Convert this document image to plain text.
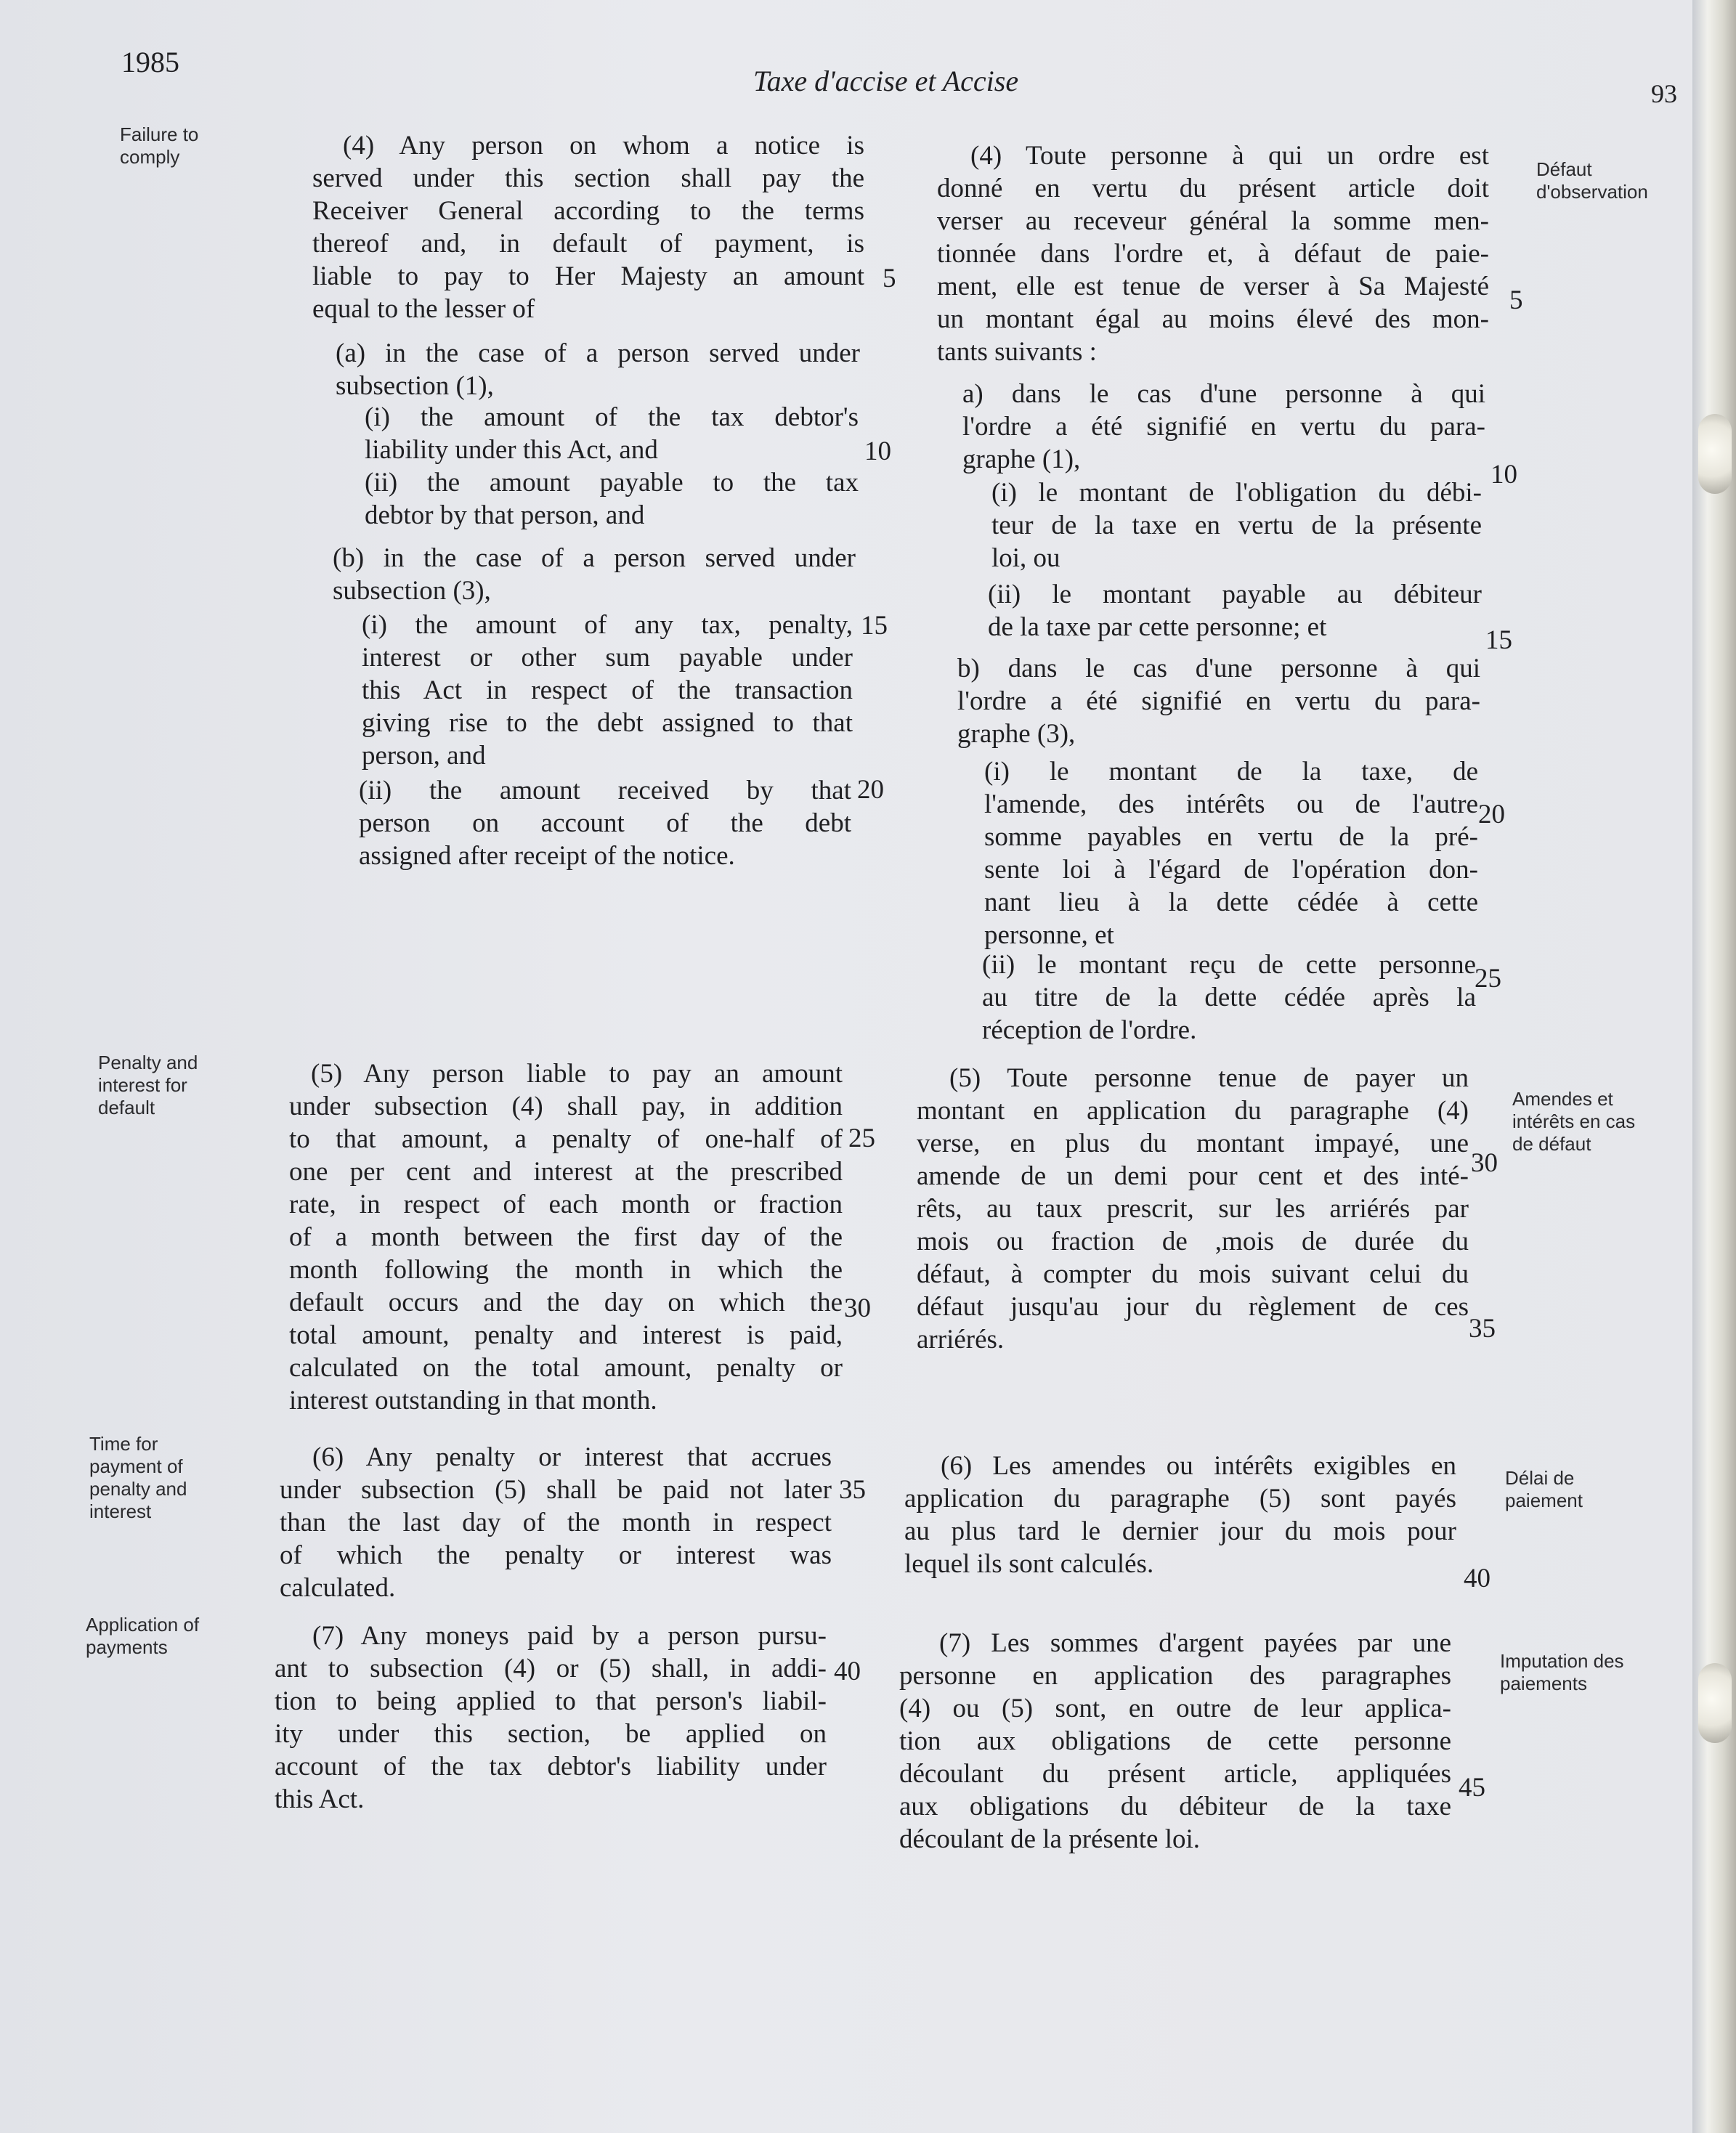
1985
Taxe d'accise et Accise	93
Failure to
comply
Penalty and
interest for
default
Time for
payment of
penalty and
interest
Application of
payments
Défaut
d'observation
Amendes et
intérêts en cas
de défaut
Délai de
paiement
Imputation des
paiements
(4) Any person on whom a notice is
served under this section shall pay the
Receiver General according to the terms
thereof and, in default of payment, is
liable to pay to Her Majesty an amount
equal to the lesser of
(a) in the case of a person served under
subsection (1),
(i) the amount of the tax debtor's
liability under this Act, and
(ii) the amount payable to the tax
debtor by that person, and
(b) in the case of a person served under
subsection (3),
(i) the amount of any tax, penalty,
interest or other sum payable under
this Act in respect of the transaction
giving rise to the debt assigned to that
person, and
(ii) the amount received by that
person on account of the debt
assigned after receipt of the notice.
(5) Any person liable to pay an amount
under subsection (4) shall pay, in addition
to that amount, a penalty of one-half of
one per cent and interest at the prescribed
rate, in respect of each month or fraction
of a month between the first day of the
month following the month in which the
default occurs and the day on which the
total amount, penalty and interest is paid,
calculated on the total amount, penalty or
interest outstanding in that month.
(6) Any penalty or interest that accrues
under subsection (5) shall be paid not later
than the last day of the month in respect
of which the penalty or interest was
calculated.
(7) Any moneys paid by a person pursu-
ant to subsection (4) or (5) shall, in addi-
tion to being applied to that person's liabil-
ity under this section, be applied on
account of the tax debtor's liability under
this Act.
5
10
15
20
25
30
35
40
(4) Toute personne à qui un ordre est
donné en vertu du présent article doit
verser au receveur général la somme men-
tionnée dans l'ordre et, à défaut de paie-
ment, elle est tenue de verser à Sa Majesté
un montant égal au moins élevé des mon-
tants suivants :
a) dans le cas d'une personne à qui
l'ordre a été signifié en vertu du para-
graphe (1),
(i) le montant de l'obligation du débi-
teur de la taxe en vertu de la présente
loi, ou
(ii) le montant payable au débiteur
de la taxe par cette personne; et
b) dans le cas d'une personne à qui
l'ordre a été signifié en vertu du para-
graphe (3),
(i) le montant de la taxe, de
l'amende, des intérêts ou de l'autre
somme payables en vertu de la pré-
sente loi à l'égard de l'opération don-
nant lieu à la dette cédée à cette
personne, et
(ii) le montant reçu de cette personne
au titre de la dette cédée après la
réception de l'ordre.
(5) Toute personne tenue de payer un
montant en application du paragraphe (4)
verse, en plus du montant impayé, une
amende de un demi pour cent et des inté-
rêts, au taux prescrit, sur les arriérés par
mois ou fraction de ,mois de durée du
défaut, à compter du mois suivant celui du
défaut jusqu'au jour du règlement de ces
arriérés.
(6) Les amendes ou intérêts exigibles en
application du paragraphe (5) sont payés
au plus tard le dernier jour du mois pour
lequel ils sont calculés.
(7) Les sommes d'argent payées par une
personne en application des paragraphes
(4) ou (5) sont, en outre de leur applica-
tion aux obligations de cette personne
découlant du présent article, appliquées
aux obligations du débiteur de la taxe
découlant de la présente loi.
5
10
15
20
25
30
35
40
45
